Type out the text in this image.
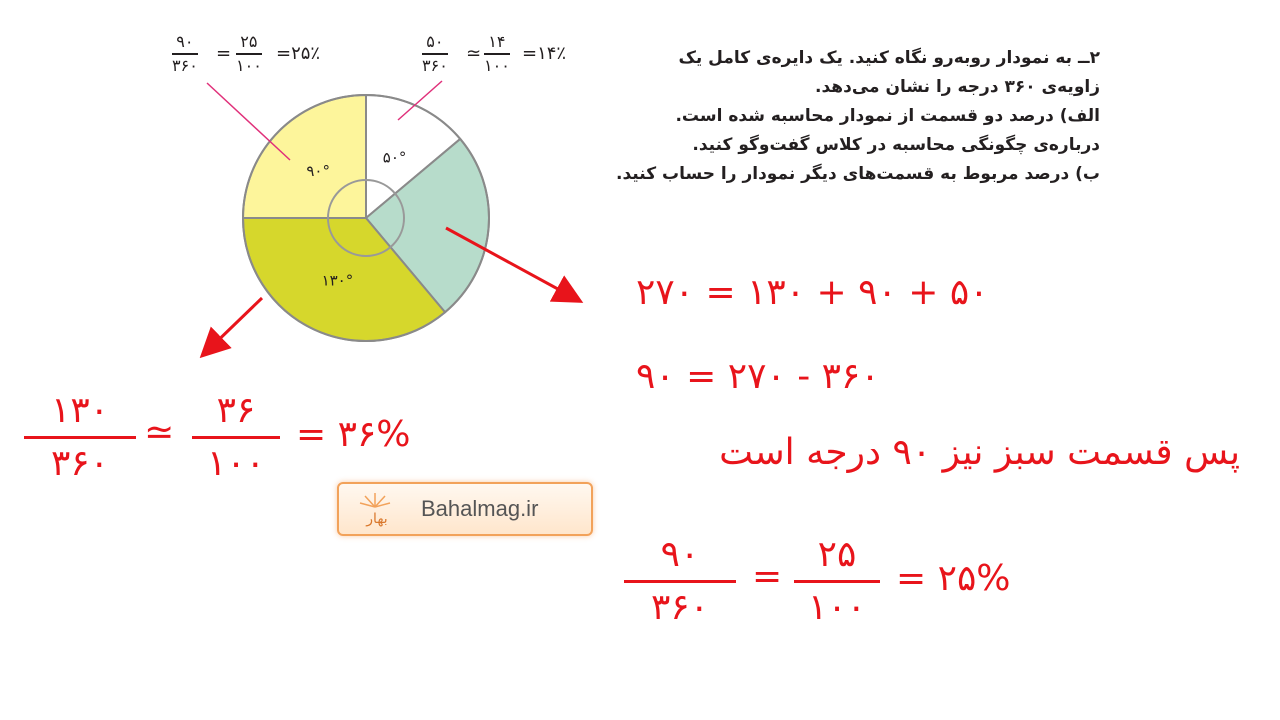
۲ــ به نمودار روبه‌رو نگاه کنید. یک دایره‌ی کامل یک
زاویه‌ی ۳۶۰ درجه را نشان می‌دهد.
الف) درصد دو قسمت از نمودار محاسبه شده است.
درباره‌ی چگونگی محاسبه در کلاس گفت‌وگو کنید.
ب) درصد مربوط به قسمت‌های دیگر نمودار را حساب کنید.
۹۰
۳۶۰
=
۲۵
۱۰۰
=۲۵٪
۵۰
۳۶۰
≃
۱۴
۱۰۰
=۱۴٪
۵۰°
۱۳۰°
۹۰°
۵۰ + ۹۰ + ۱۳۰ = ۲۷۰
۳۶۰ - ۲۷۰ = ۹۰
پس قسمت سبز نیز ۹۰ درجه است
۱۳۰
۳۶۰
≃
۳۶
۱۰۰
= ۳۶%
۹۰
۳۶۰
=
۲۵
۱۰۰
= ۲۵%
بهار Bahalmag.ir
